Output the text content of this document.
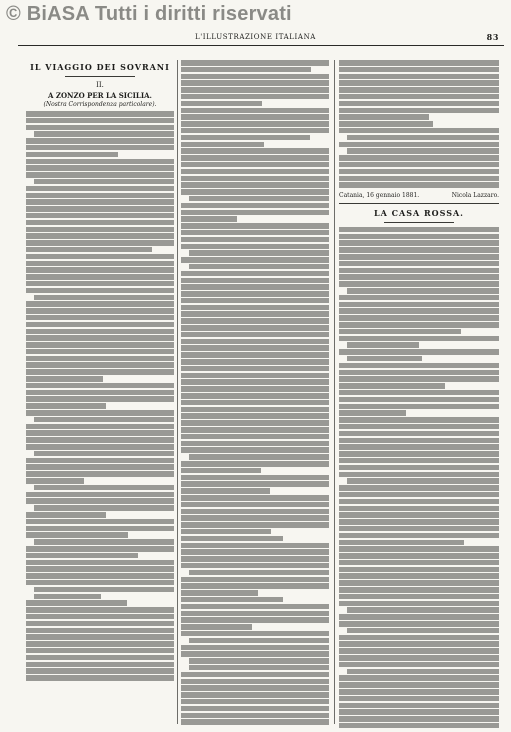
© BiASA Tutti i diritti riservati
L'ILLUSTRAZIONE ITALIANA	83
IL VIAGGIO DEI SOVRANI
II.
A ZONZO PER LA SICILIA.
(Nostra Corrispondenza particolare).
Catania, 16 gennaio 1881.	Nicola Lazzaro.
LA CASA ROSSA.
